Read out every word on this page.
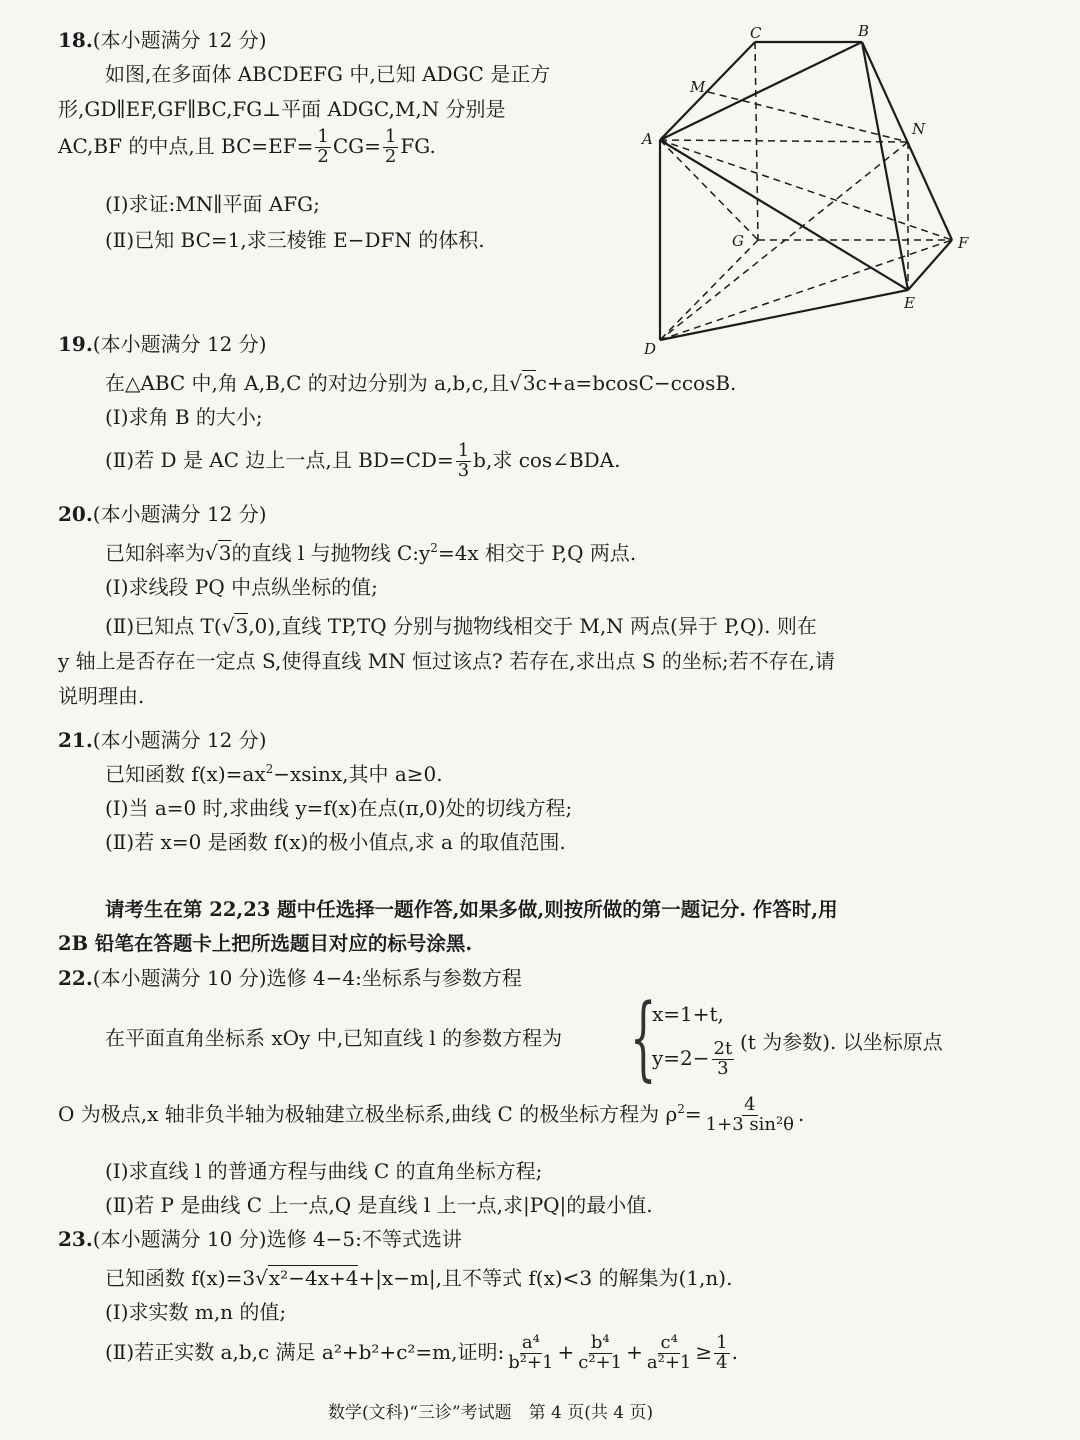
18.(本小题满分 12 分)
如图,在多面体 ABCDEFG 中,已知 ADGC 是正方
形,GD∥EF,GF∥BC,FG⊥平面 ADGC,M,N 分别是
AC,BF 的中点,且 $BC=EF= \frac{1}{2} CG= \frac{1}{2}$ FG.
(Ⅰ)求证:MN∥平面 AFG;
(Ⅱ)已知 BC=1,求三棱锥 E−DFN 的体积.
C	B
M
A
N
G	F
E
D
19.(本小题满分 12 分)
在△ABC 中,角 A,B,C 的对边分别为 a,b,c,且√3c+a=bcosC−ccosB.
(Ⅰ)求角 B 的大小;
(Ⅱ)若 D 是 AC 边上一点,且 $BD=CD= \frac{1}{3} b$,求 cos∠BDA.
20.(本小题满分 12 分)
已知斜率为√3的直线 l 与抛物线 $C:y^2=4x$ 相交于 P,Q 两点.
(Ⅰ)求线段 PQ 中点纵坐标的值;
(Ⅱ)已知点 T(√3,0),直线 TP,TQ 分别与抛物线相交于 M,N 两点(异于 P,Q). 则在
y 轴上是否存在一定点 S,使得直线 MN 恒过该点? 若存在,求出点 S 的坐标;若不存在,请
说明理由.
21.(本小题满分 12 分)
已知函数 $f(x)=ax^2-xsinx$,其中 a≥0.
(Ⅰ)当 a=0 时,求曲线 y=f(x)在点(π,0)处的切线方程;
(Ⅱ)若 x=0 是函数 f(x)的极小值点,求 a 的取值范围.
请考生在第 22,23 题中任选择一题作答,如果多做,则按所做的第一题记分. 作答时,用
2B 铅笔在答题卡上把所选题目对应的标号涂黑.
22.(本小题满分 10 分)选修 4−4:坐标系与参数方程
在平面直角坐标系 xOy 中,已知直线 l 的参数方程为 {
x=1+t,
$y=2- \frac{2t}{3} (t$ 为参数). 以坐标原点
O 为极点,x 轴非负半轴为极轴建立极坐标系,曲线 C 的极坐标方程为 $\rho^2= \frac{4}{\text{1+3 sin²θ}}$ .
(Ⅰ)求直线 l 的普通方程与曲线 C 的直角坐标方程;
(Ⅱ)若 P 是曲线 C 上一点,Q 是直线 l 上一点,求|PQ|的最小值.
23.(本小题满分 10 分)选修 4−5:不等式选讲
已知函数 f(x)=3√x²−4x+4+|x−m|,且不等式 f(x)<3 的解集为(1,n).
(Ⅰ)求实数 m,n 的值;
(Ⅱ)若正实数 a,b,c 满足 a²+b²+c²=m,证明: $\frac{\text{a⁴}}{\text{b²+1}} + \frac{\text{b⁴}}{\text{c²+1}} + \frac{\text{c⁴}}{\text{a²+1}} \ge \frac{1}{4}$ .
数学(文科)“三诊”考试题　第 4 页(共 4 页)
